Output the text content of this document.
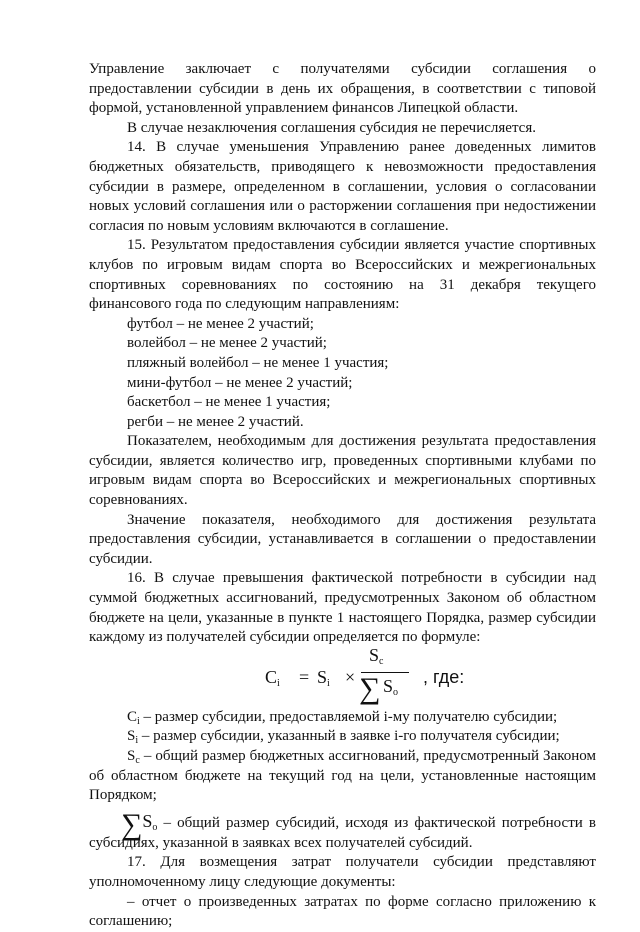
Управление заключает с получателями субсидии соглашения о предоставлении субсидии в день их обращения, в соответствии с типовой формой, установленной управлением финансов Липецкой области.

В случае незаключения соглашения субсидия не перечисляется.

14. В случае уменьшения Управлению ранее доведенных лимитов бюджетных обязательств, приводящего к невозможности предоставления субсидии в размере, определенном в соглашении, условия о согласовании новых условий соглашения или о расторжении соглашения при недостижении согласия по новым условиям включаются в соглашение.

15. Результатом предоставления субсидии является участие спортивных клубов по игровым видам спорта во Всероссийских и межрегиональных спортивных соревнованиях по состоянию на 31 декабря текущего финансового года по следующим направлениям:

футбол – не менее 2 участий;

волейбол – не менее 2 участий;

пляжный волейбол – не менее 1 участия;

мини-футбол – не менее 2 участий;

баскетбол – не менее 1 участия;

регби – не менее 2 участий.

Показателем, необходимым для достижения результата предоставления субсидии, является количество игр, проведенных спортивными клубами по игровым видам спорта во Всероссийских и межрегиональных спортивных соревнованиях.

Значение показателя, необходимого для достижения результата предоставления субсидии, устанавливается в соглашении о предоставлении субсидии.

16. В случае превышения фактической потребности в субсидии над суммой бюджетных ассигнований, предусмотренных Законом об областном бюджете на цели, указанные в пункте 1 настоящего Порядка, размер субсидии каждому из получателей субсидии определяется по формуле:

$C_i = S_i$ ×
$S_c$
∑ $S_o$
, где:

$C_i$ – размер субсидии, предоставляемой i-му получателю субсидии;

$S_i$ – размер субсидии, указанный в заявке i-го получателя субсидии;

$S_c$ – общий размер бюджетных ассигнований, предусмотренный Законом об областном бюджете на текущий год на цели, установленные настоящим Порядком;

$\sum S_o$ – общий размер субсидий, исходя из фактической потребности в субсидиях, указанной в заявках всех получателей субсидий.

17. Для возмещения затрат получатели субсидии представляют уполномоченному лицу следующие документы:

– отчет о произведенных затратах по форме согласно приложению к соглашению;
